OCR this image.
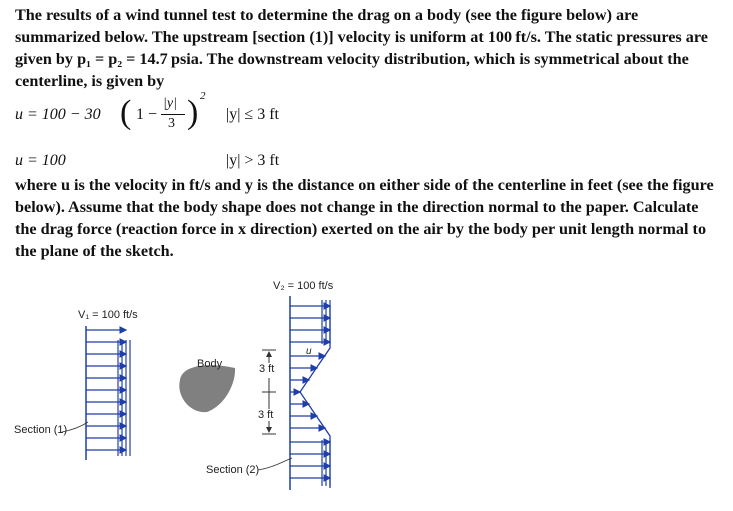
The results of a wind tunnel test to determine the drag on a body (see the figure below) are summarized below. The upstream [section (1)] velocity is uniform at 100 ft/s. The static pressures are given by p₁ = p₂ = 14.7 psia. The downstream velocity distribution, which is symmetrical about the centerline, is given by
u = 100 − 30 ( 1 −
|y|
3 ) 2
|y| ≤ 3 ft
u = 100	|y| > 3 ft
where u is the velocity in ft/s and y is the distance on either side of the centerline in feet (see the figure below). Assume that the body shape does not change in the direction normal to the paper. Calculate the drag force (reaction force in x direction) exerted on the air by the body per unit length normal to the plane of the sketch.
V₁ = 100 ft/s
V₂ = 100 ft/s
Body	3 ft
3 ft
u
Section (1)
Section (2)
